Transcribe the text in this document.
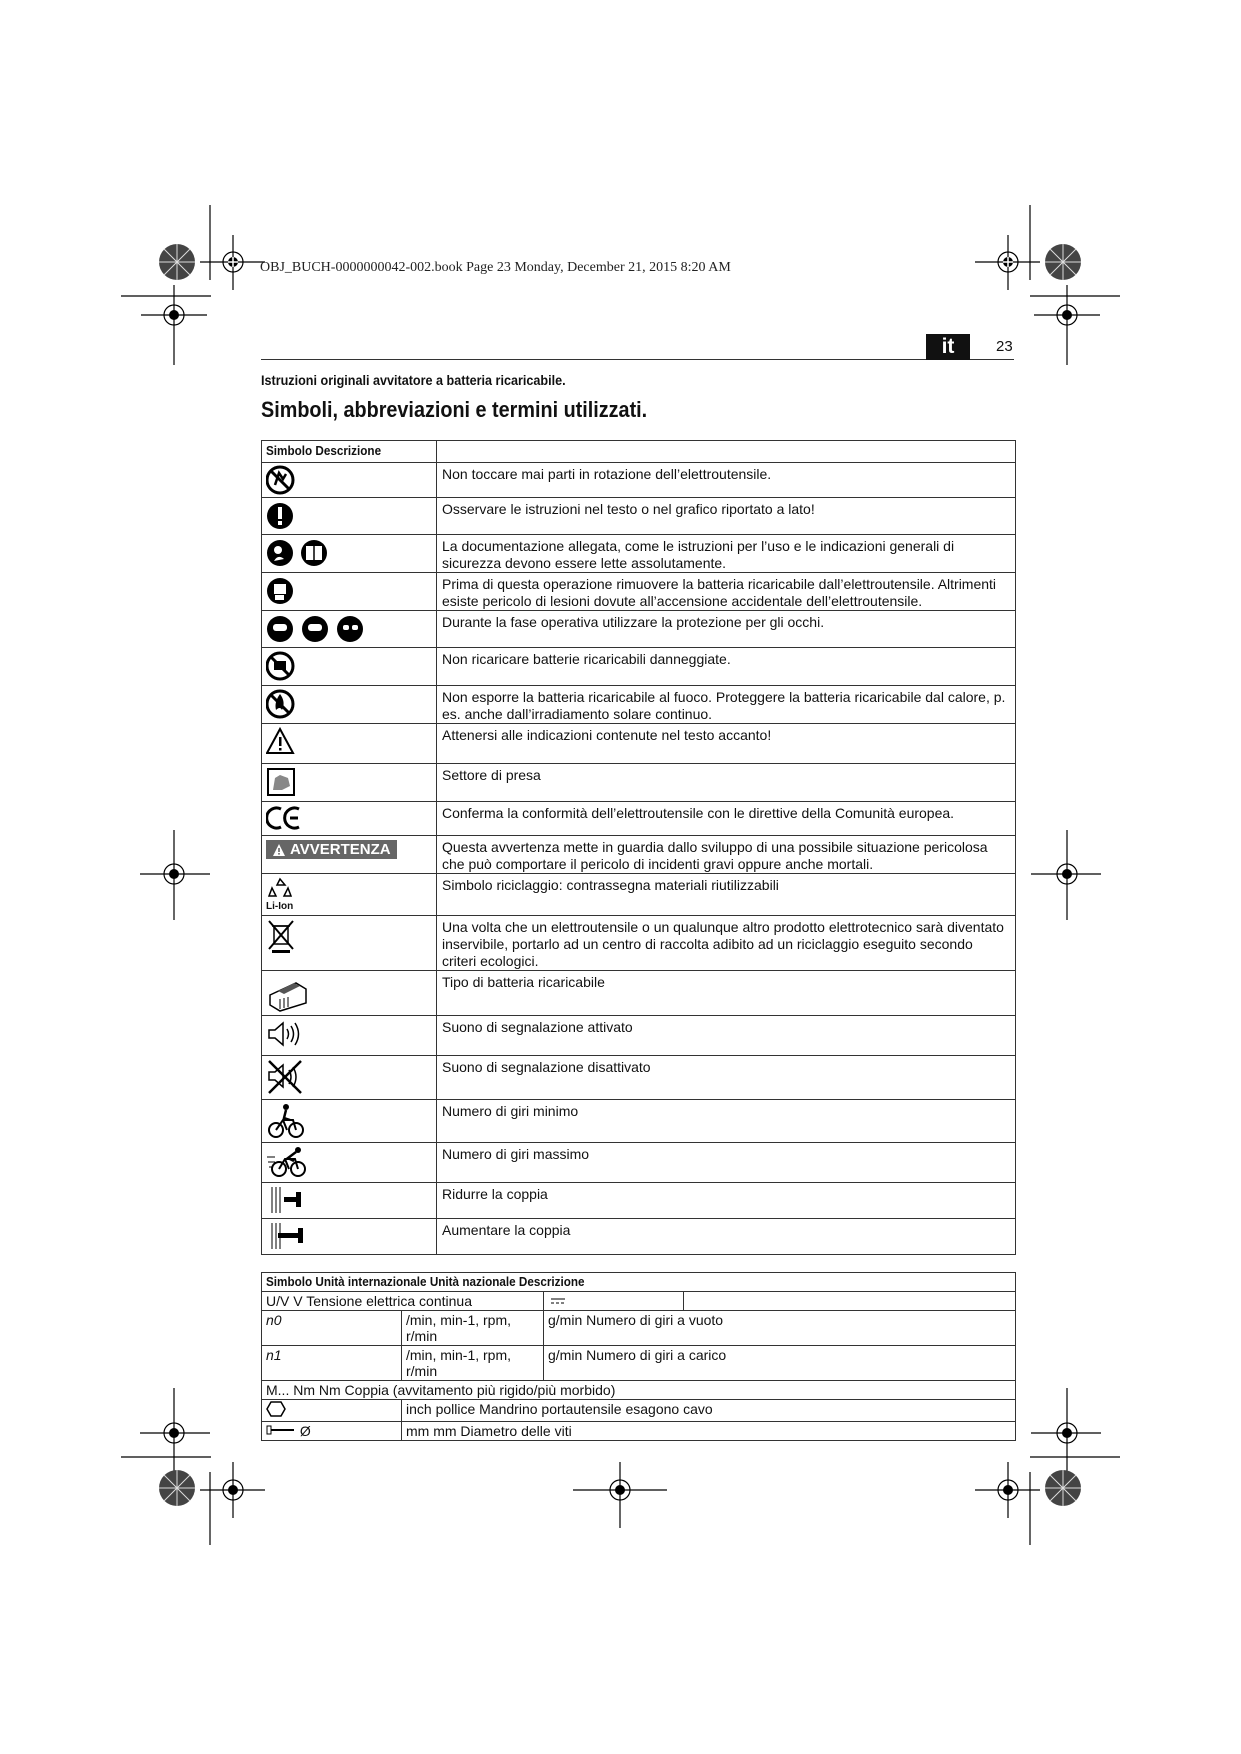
OBJ_BUCH-0000000042-002.book Page 23 Monday, December 21, 2015 8:20 AM
it	23
Istruzioni originali avvitatore a batteria ricaricabile.
Simboli, abbreviazioni e termini utilizzati.
Simbolo Descrizione	

	Non toccare mai parti in rotazione dell’elettroutensile.

	Osservare le istruzioni nel testo o nel grafico riportato a lato!

	La documentazione allegata, come le istruzioni per l’uso e le indicazioni generali di sicurezza devono essere lette assolutamente.

	Prima di questa operazione rimuovere la batteria ricaricabile dall’elettroutensile. Altrimenti esiste pericolo di lesioni dovute all’accensione accidentale dell’elettroutensile.

	Durante la fase operativa utilizzare la protezione per gli occhi.

	Non ricaricare batterie ricaricabili danneggiate.

	Non esporre la batteria ricaricabile al fuoco. Proteggere la batteria ricaricabile dal calore, p. es. anche dall’irradiamento solare continuo.

	Attenersi alle indicazioni contenute nel testo accanto!

	Settore di presa

	Conferma la conformità dell’elettroutensile con le direttive della Comunità europea.

AVVERTENZA	Questa avvertenza mette in guardia dallo sviluppo di una possibile situazione pericolosa che può comportare il pericolo di incidenti gravi oppure anche mortali.

Li-Ion	Simbolo riciclaggio: contrassegna materiali riutilizzabili

	Una volta che un elettroutensile o un qualunque altro prodotto elettrotecnico sarà diventato inservibile, portarlo ad un centro di raccolta adibito ad un riciclaggio eseguito secondo criteri ecologici.

	Tipo di batteria ricaricabile

	Suono di segnalazione attivato

	Suono di segnalazione disattivato

	Numero di giri minimo

	Numero di giri massimo

	Ridurre la coppia

	Aumentare la coppia
Simbolo Unità internazionale Unità nazionale Descrizione			

U/V V Tensione elettrica continua		
n0	/min, min-1, rpm, r/min	g/min Numero di giri a vuoto	
n1	/min, min-1, rpm, r/min	g/min Numero di giri a carico	
M... Nm Nm Coppia (avvitamento più rigido/più morbido)			
	inch pollice Mandrino portautensile esagono cavo		
Ø	mm mm Diametro delle viti		
